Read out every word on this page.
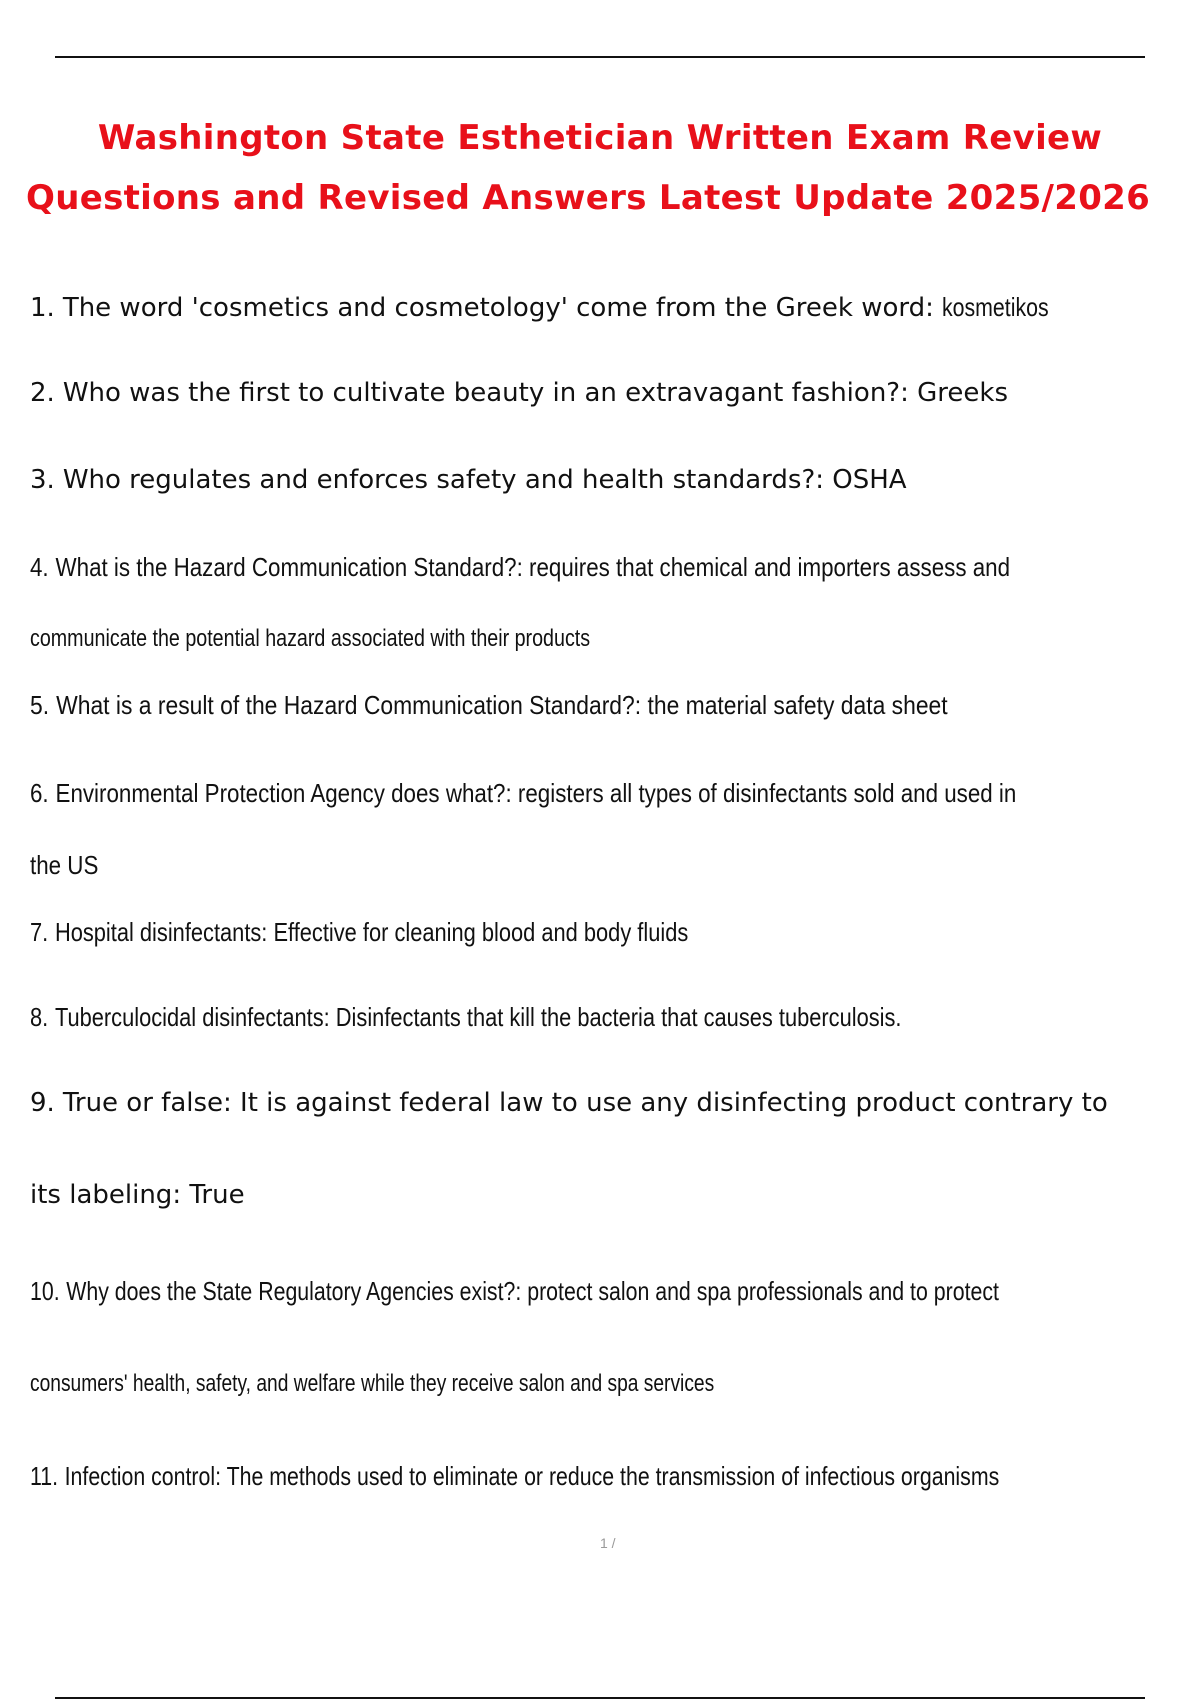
Washington State Esthetician Written Exam Review
Questions and Revised Answers Latest Update 2025/2026
1. The word 'cosmetics and cosmetology' come from the Greek word: kosmetikos
2. Who was the first to cultivate beauty in an extravagant fashion?: Greeks
3. Who regulates and enforces safety and health standards?: OSHA
4. What is the Hazard Communication Standard?: requires that chemical and importers assess and
communicate the potential hazard associated with their products
5. What is a result of the Hazard Communication Standard?: the material safety data sheet
6. Environmental Protection Agency does what?: registers all types of disinfectants sold and used in
the US
7. Hospital disinfectants: Effective for cleaning blood and body fluids
8. Tuberculocidal disinfectants: Disinfectants that kill the bacteria that causes tuberculosis.
9. True or false: It is against federal law to use any disinfecting product contrary to
its labeling: True
10. Why does the State Regulatory Agencies exist?: protect salon and spa professionals and to protect
consumers' health, safety, and welfare while they receive salon and spa services
11. Infection control: The methods used to eliminate or reduce the transmission of infectious organisms
1 /
